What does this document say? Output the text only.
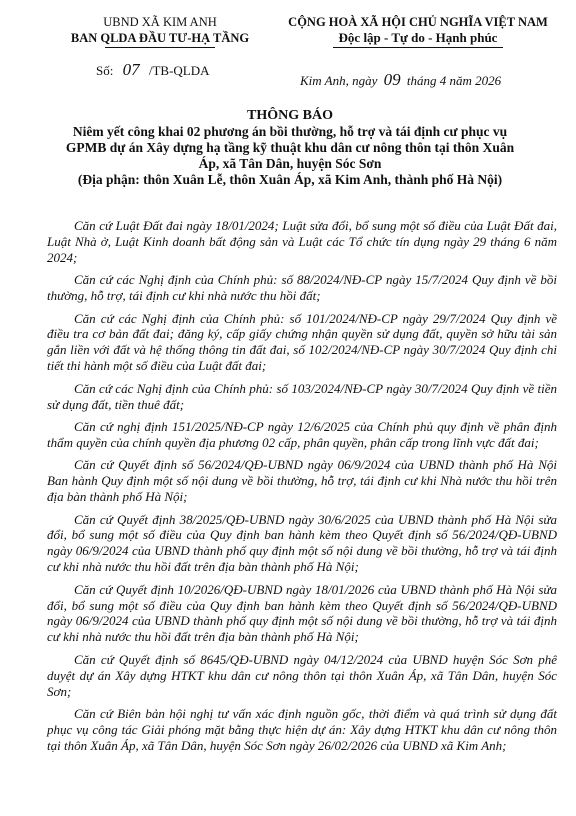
UBND XÃ KIM ANH
BAN QLDA ĐẦU TƯ-HẠ TẦNG
Số: 07 /TB-QLDA
CỘNG HOÀ XÃ HỘI CHỦ NGHĨA VIỆT NAM
Độc lập - Tự do - Hạnh phúc
Kim Anh, ngày 09 tháng 4 năm 2026
THÔNG BÁO
Niêm yết công khai 02 phương án bồi thường, hỗ trợ và tái định cư phục vụ
GPMB dự án Xây dựng hạ tầng kỹ thuật khu dân cư nông thôn tại thôn Xuân
Áp, xã Tân Dân, huyện Sóc Sơn
(Địa phận: thôn Xuân Lễ, thôn Xuân Áp, xã Kim Anh, thành phố Hà Nội)

Căn cứ Luật Đất đai ngày 18/01/2024; Luật sửa đổi, bổ sung một số điều của Luật Đất đai, Luật Nhà ở, Luật Kinh doanh bất động sản và Luật các Tổ chức tín dụng ngày 29 tháng 6 năm 2024;

Căn cứ các Nghị định của Chính phủ: số 88/2024/NĐ-CP ngày 15/7/2024 Quy định về bồi thường, hỗ trợ, tái định cư khi nhà nước thu hồi đất;

Căn cứ các Nghị định của Chính phủ: số 101/2024/NĐ-CP ngày 29/7/2024 Quy định về điều tra cơ bản đất đai; đăng ký, cấp giấy chứng nhận quyền sử dụng đất, quyền sở hữu tài sản gắn liền với đất và hệ thống thông tin đất đai, số 102/2024/NĐ-CP ngày 30/7/2024 Quy định chi tiết thi hành một số điều của Luật đất đai;

Căn cứ các Nghị định của Chính phủ: số 103/2024/NĐ-CP ngày 30/7/2024 Quy định về tiền sử dụng đất, tiền thuê đất;

Căn cứ nghị định 151/2025/NĐ-CP ngày 12/6/2025 của Chính phủ quy định về phân định thẩm quyền của chính quyền địa phương 02 cấp, phân quyền, phân cấp trong lĩnh vực đất đai;

Căn cứ Quyết định số 56/2024/QĐ-UBND ngày 06/9/2024 của UBND thành phố Hà Nội Ban hành Quy định một số nội dung về bồi thường, hỗ trợ, tái định cư khi Nhà nước thu hồi trên địa bàn thành phố Hà Nội;

Căn cứ Quyết định 38/2025/QĐ-UBND ngày 30/6/2025 của UBND thành phố Hà Nội sửa đổi, bổ sung một số điều của Quy định ban hành kèm theo Quyết định số 56/2024/QĐ-UBND ngày 06/9/2024 của UBND thành phố quy định một số nội dung về bồi thường, hỗ trợ và tái định cư khi nhà nước thu hồi đất trên địa bàn thành phố Hà Nội;

Căn cứ Quyết định 10/2026/QĐ-UBND ngày 18/01/2026 của UBND thành phố Hà Nội sửa đổi, bổ sung một số điều của Quy định ban hành kèm theo Quyết định số 56/2024/QĐ-UBND ngày 06/9/2024 của UBND thành phố quy định một số nội dung về bồi thường, hỗ trợ và tái định cư khi nhà nước thu hồi đất trên địa bàn thành phố Hà Nội;

Căn cứ Quyết định số 8645/QĐ-UBND ngày 04/12/2024 của UBND huyện Sóc Sơn phê duyệt dự án Xây dựng HTKT khu dân cư nông thôn tại thôn Xuân Áp, xã Tân Dân, huyện Sóc Sơn;

Căn cứ Biên bản hội nghị tư vấn xác định nguồn gốc, thời điểm và quá trình sử dụng đất phục vụ công tác Giải phóng mặt bằng thực hiện dự án: Xây dựng HTKT khu dân cư nông thôn tại thôn Xuân Áp, xã Tân Dân, huyện Sóc Sơn ngày 26/02/2026 của UBND xã Kim Anh;
